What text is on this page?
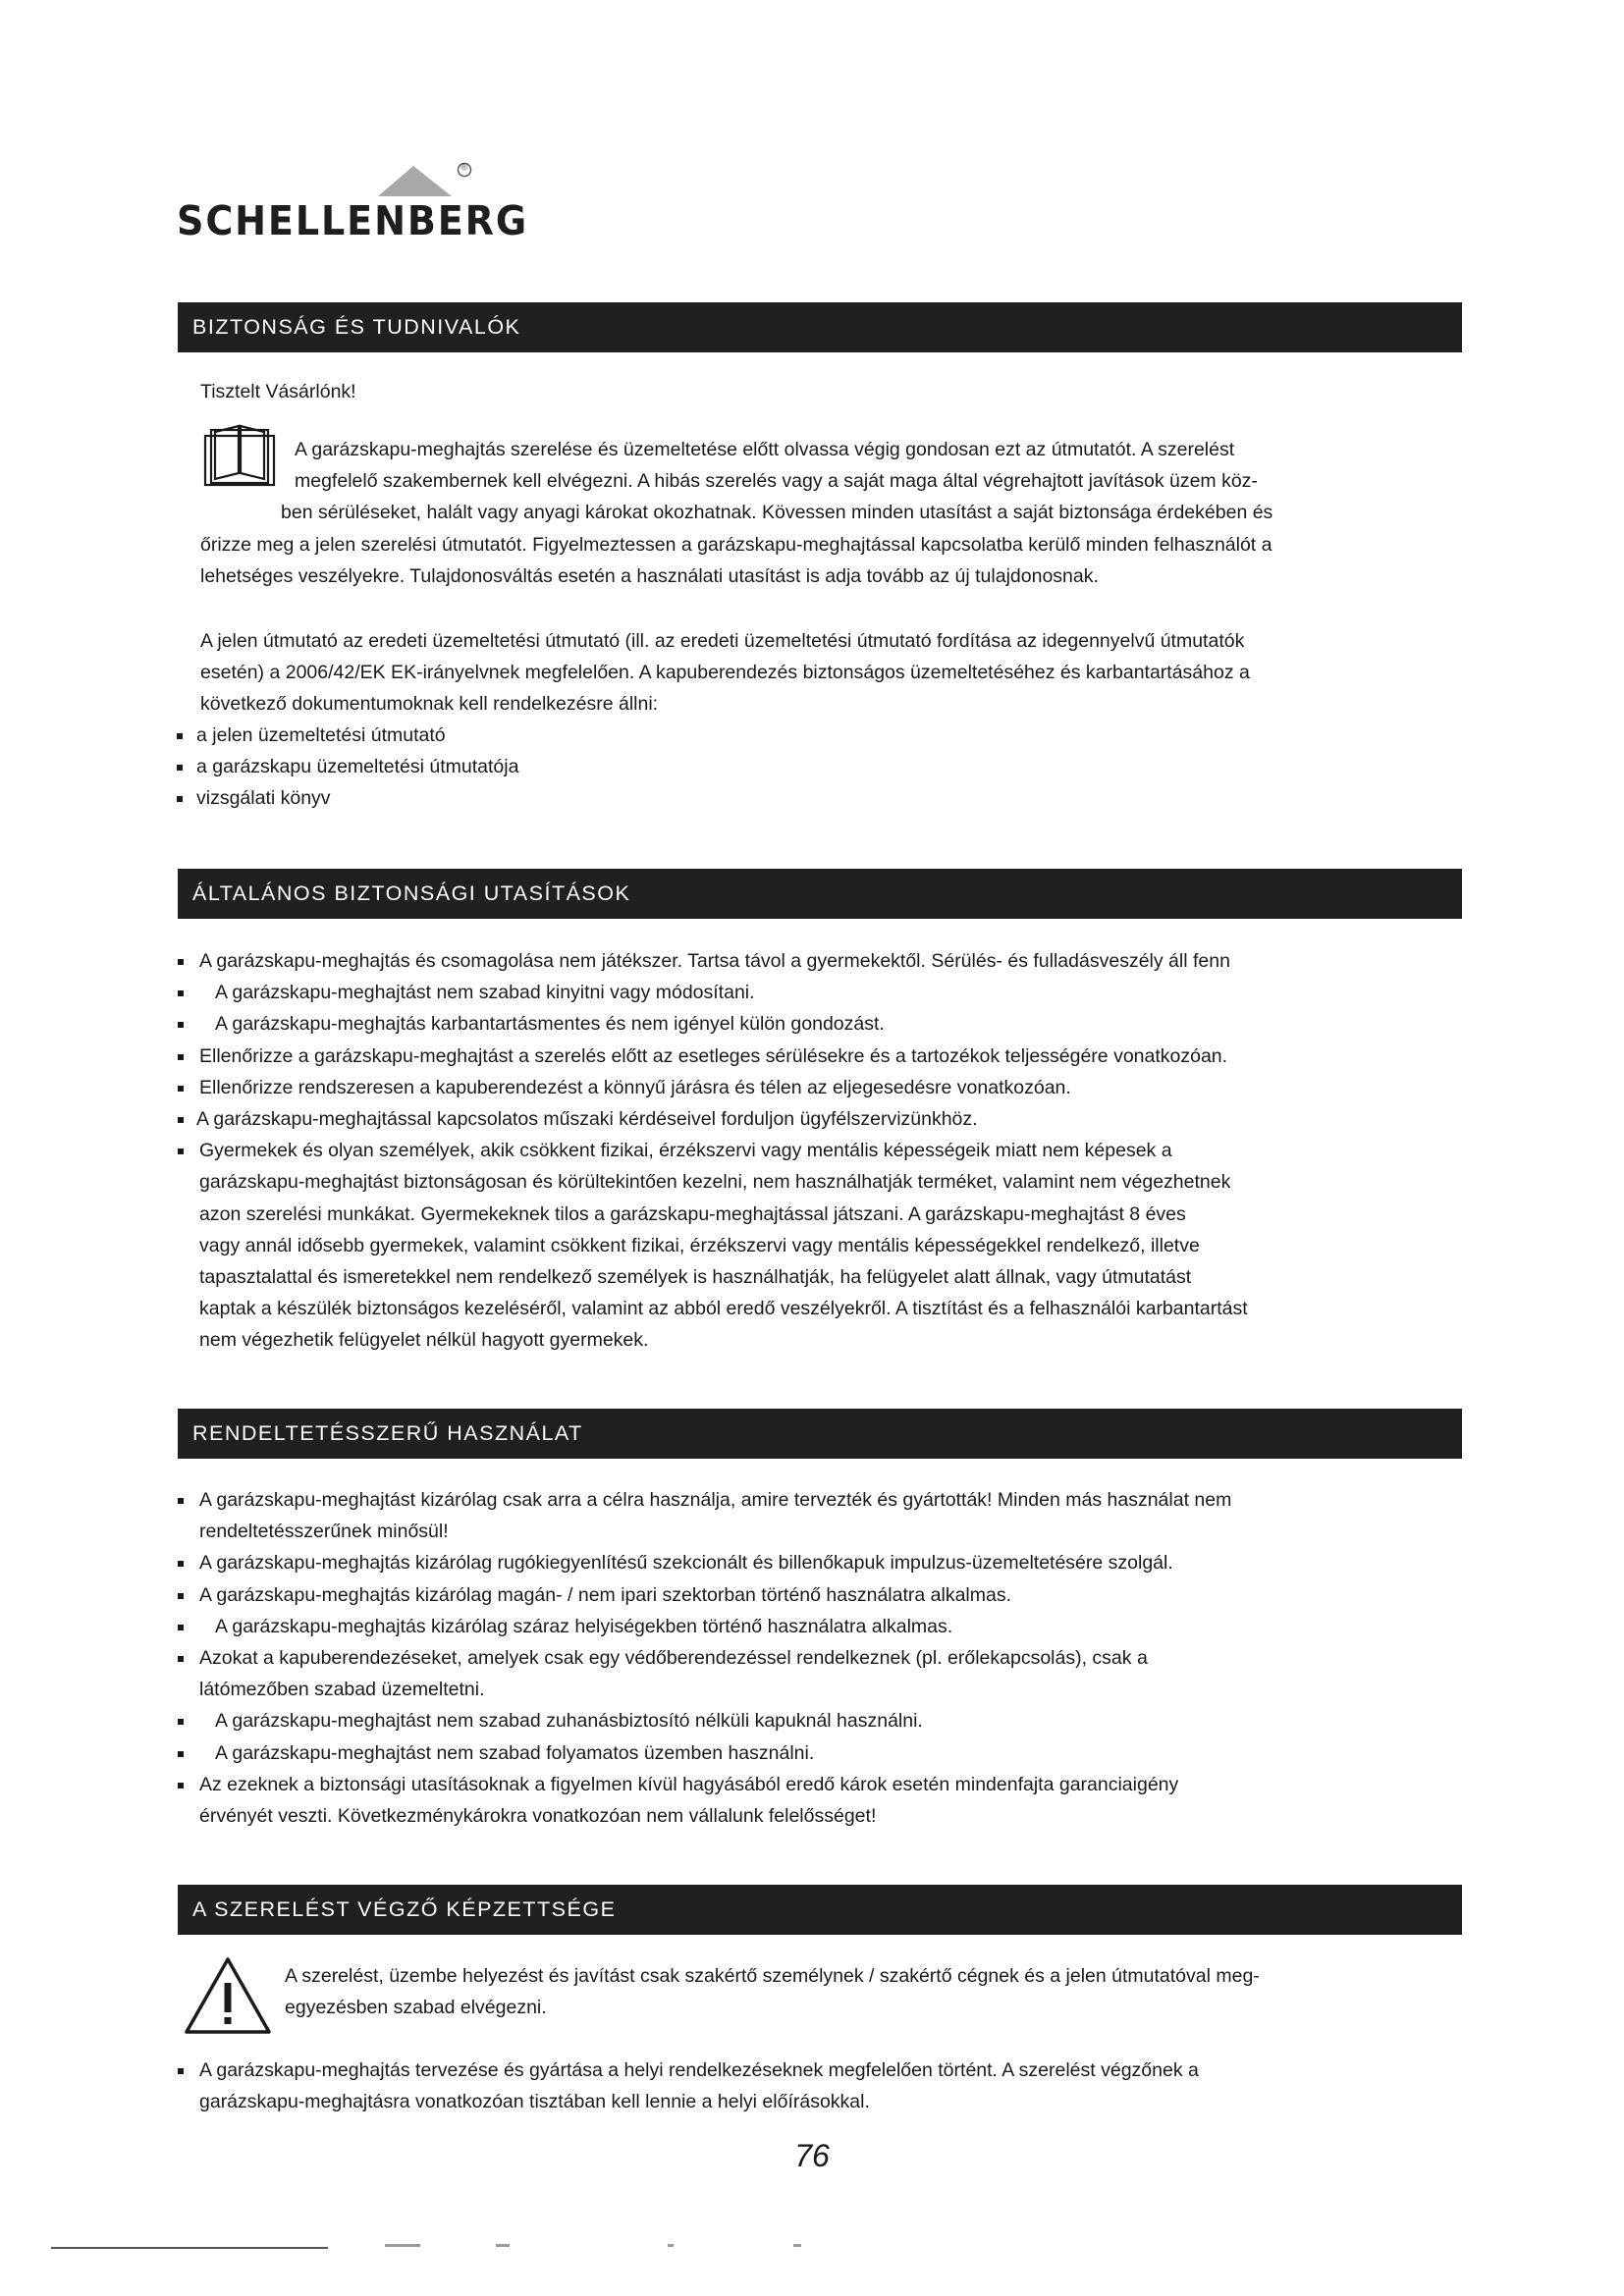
®
SCHELLENBERG
BIZTONSÁG ÉS TUDNIVALÓK
Tisztelt Vásárlónk!

A garázskapu-meghajtás szerelése és üzemeltetése előtt olvassa végig gondosan ezt az útmutatót. A szerelést

megfelelő szakembernek kell elvégezni. A hibás szerelés vagy a saját maga által végrehajtott javítások üzem köz-

ben sérüléseket, halált vagy anyagi károkat okozhatnak. Kövessen minden utasítást a saját biztonsága érdekében és

őrizze meg a jelen szerelési útmutatót. Figyelmeztessen a garázskapu-meghajtással kapcsolatba kerülő minden felhasználót a

lehetséges veszélyekre. Tulajdonosváltás esetén a használati utasítást is adja tovább az új tulajdonosnak.

A jelen útmutató az eredeti üzemeltetési útmutató (ill. az eredeti üzemeltetési útmutató fordítása az idegennyelvű útmutatók

esetén) a 2006/42/EK EK-irányelvnek megfelelően. A kapuberendezés biztonságos üzemeltetéséhez és karbantartásához a

következő dokumentumoknak kell rendelkezésre állni:

a jelen üzemeltetési útmutató
a garázskapu üzemeltetési útmutatója
vizsgálati könyv
ÁLTALÁNOS BIZTONSÁGI UTASÍTÁSOK
A garázskapu-meghajtás és csomagolása nem játékszer. Tartsa távol a gyermekektől. Sérülés- és fulladásveszély áll fenn
A garázskapu-meghajtást nem szabad kinyitni vagy módosítani.
A garázskapu-meghajtás karbantartásmentes és nem igényel külön gondozást.
Ellenőrizze a garázskapu-meghajtást a szerelés előtt az esetleges sérülésekre és a tartozékok teljességére vonatkozóan.
Ellenőrizze rendszeresen a kapuberendezést a könnyű járásra és télen az eljegesedésre vonatkozóan.
A garázskapu-meghajtással kapcsolatos műszaki kérdéseivel forduljon ügyfélszervizünkhöz.

Gyermekek és olyan személyek, akik csökkent fizikai, érzékszervi vagy mentális képességeik miatt nem képesek a

garázskapu-meghajtást biztonságosan és körültekintően kezelni, nem használhatják terméket, valamint nem végezhetnek

azon szerelési munkákat. Gyermekeknek tilos a garázskapu-meghajtással játszani. A garázskapu-meghajtást 8 éves

vagy annál idősebb gyermekek, valamint csökkent fizikai, érzékszervi vagy mentális képességekkel rendelkező, illetve

tapasztalattal és ismeretekkel nem rendelkező személyek is használhatják, ha felügyelet alatt állnak, vagy útmutatást

kaptak a készülék biztonságos kezeléséről, valamint az abból eredő veszélyekről. A tisztítást és a felhasználói karbantartást

nem végezhetik felügyelet nélkül hagyott gyermekek.

RENDELTETÉSSZERŰ HASZNÁLAT

A garázskapu-meghajtást kizárólag csak arra a célra használja, amire tervezték és gyártották! Minden más használat nem

rendeltetésszerűnek minősül!

A garázskapu-meghajtás kizárólag rugókiegyenlítésű szekcionált és billenőkapuk impulzus-üzemeltetésére szolgál.
A garázskapu-meghajtás kizárólag magán- / nem ipari szektorban történő használatra alkalmas.
A garázskapu-meghajtás kizárólag száraz helyiségekben történő használatra alkalmas.

Azokat a kapuberendezéseket, amelyek csak egy védőberendezéssel rendelkeznek (pl. erőlekapcsolás), csak a

látómezőben szabad üzemeltetni.

A garázskapu-meghajtást nem szabad zuhanásbiztosító nélküli kapuknál használni.
A garázskapu-meghajtást nem szabad folyamatos üzemben használni.

Az ezeknek a biztonsági utasításoknak a figyelmen kívül hagyásából eredő károk esetén mindenfajta garanciaigény

érvényét veszti. Következménykárokra vonatkozóan nem vállalunk felelősséget!

A SZERELÉST VÉGZŐ KÉPZETTSÉGE

A szerelést, üzembe helyezést és javítást csak szakértő személynek / szakértő cégnek és a jelen útmutatóval meg-

egyezésben szabad elvégezni.

A garázskapu-meghajtás tervezése és gyártása a helyi rendelkezéseknek megfelelően történt. A szerelést végzőnek a

garázskapu-meghajtásra vonatkozóan tisztában kell lennie a helyi előírásokkal.

76
